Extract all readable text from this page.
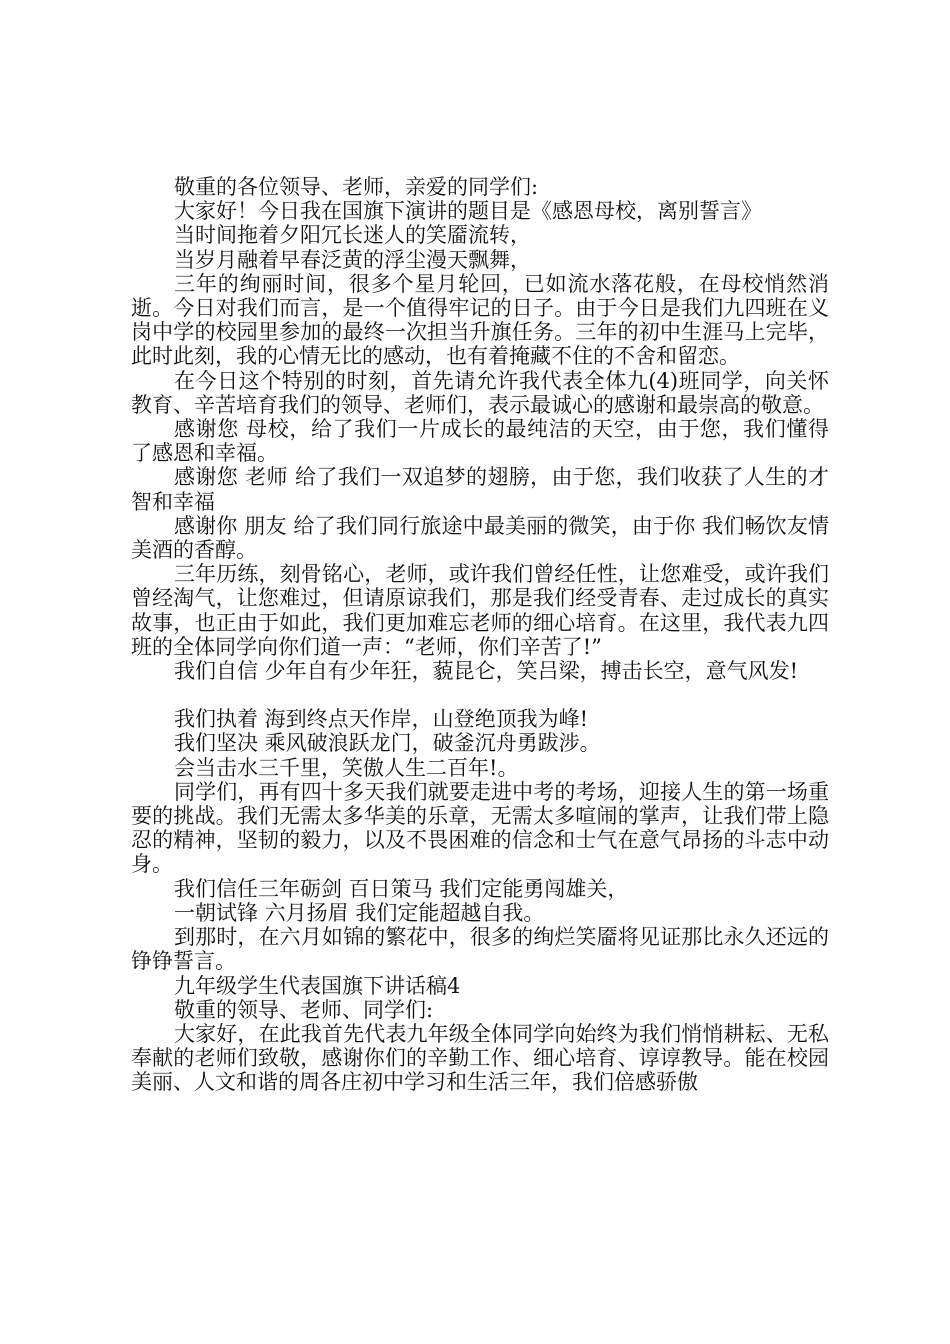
敬重的各位领导、老师，亲爱的同学们:

大家好！今日我在国旗下演讲的题目是《感恩母校，离别誓言》

当时间拖着夕阳冗长迷人的笑靥流转，

当岁月融着早春泛黄的浮尘漫天飘舞，

三年的绚丽时间，很多个星月轮回，已如流水落花般，在母校悄然消逝。今日对我们而言，是一个值得牢记的日子。由于今日是我们九四班在义岗中学的校园里参加的最终一次担当升旗任务。三年的初中生涯马上完毕，此时此刻，我的心情无比的感动，也有着掩藏不住的不舍和留恋。

在今日这个特别的时刻，首先请允许我代表全体九(4)班同学，向关怀教育、辛苦培育我们的领导、老师们，表示最诚心的感谢和最崇高的敬意。

感谢您 母校，给了我们一片成长的最纯洁的天空，由于您，我们懂得了感恩和幸福。

感谢您 老师 给了我们一双追梦的翅膀，由于您，我们收获了人生的才智和幸福

感谢你 朋友 给了我们同行旅途中最美丽的微笑，由于你 我们畅饮友情美酒的香醇。

三年历练，刻骨铭心，老师，或许我们曾经任性，让您难受，或许我们曾经淘气，让您难过，但请原谅我们，那是我们经受青春、走过成长的真实故事，也正由于如此，我们更加难忘老师的细心培育。在这里，我代表九四班的全体同学向你们道一声：“老师，你们辛苦了!”

我们自信 少年自有少年狂，藐昆仑，笑吕梁，搏击长空，意气风发!

我们执着 海到终点天作岸，山登绝顶我为峰!

我们坚决 乘风破浪跃龙门，破釜沉舟勇跋涉。

会当击水三千里，笑傲人生二百年!。

同学们，再有四十多天我们就要走进中考的考场，迎接人生的第一场重要的挑战。我们无需太多华美的乐章，无需太多喧闹的掌声，让我们带上隐忍的精神，坚韧的毅力，以及不畏困难的信念和士气在意气昂扬的斗志中动身。

我们信任三年砺剑 百日策马 我们定能勇闯雄关，

一朝试锋 六月扬眉 我们定能超越自我。

到那时，在六月如锦的繁花中，很多的绚烂笑靥将见证那比永久还远的铮铮誓言。

九年级学生代表国旗下讲话稿4

敬重的领导、老师、同学们:

大家好，在此我首先代表九年级全体同学向始终为我们悄悄耕耘、无私奉献的老师们致敬，感谢你们的辛勤工作、细心培育、谆谆教导。能在校园美丽、人文和谐的周各庄初中学习和生活三年，我们倍感骄傲
